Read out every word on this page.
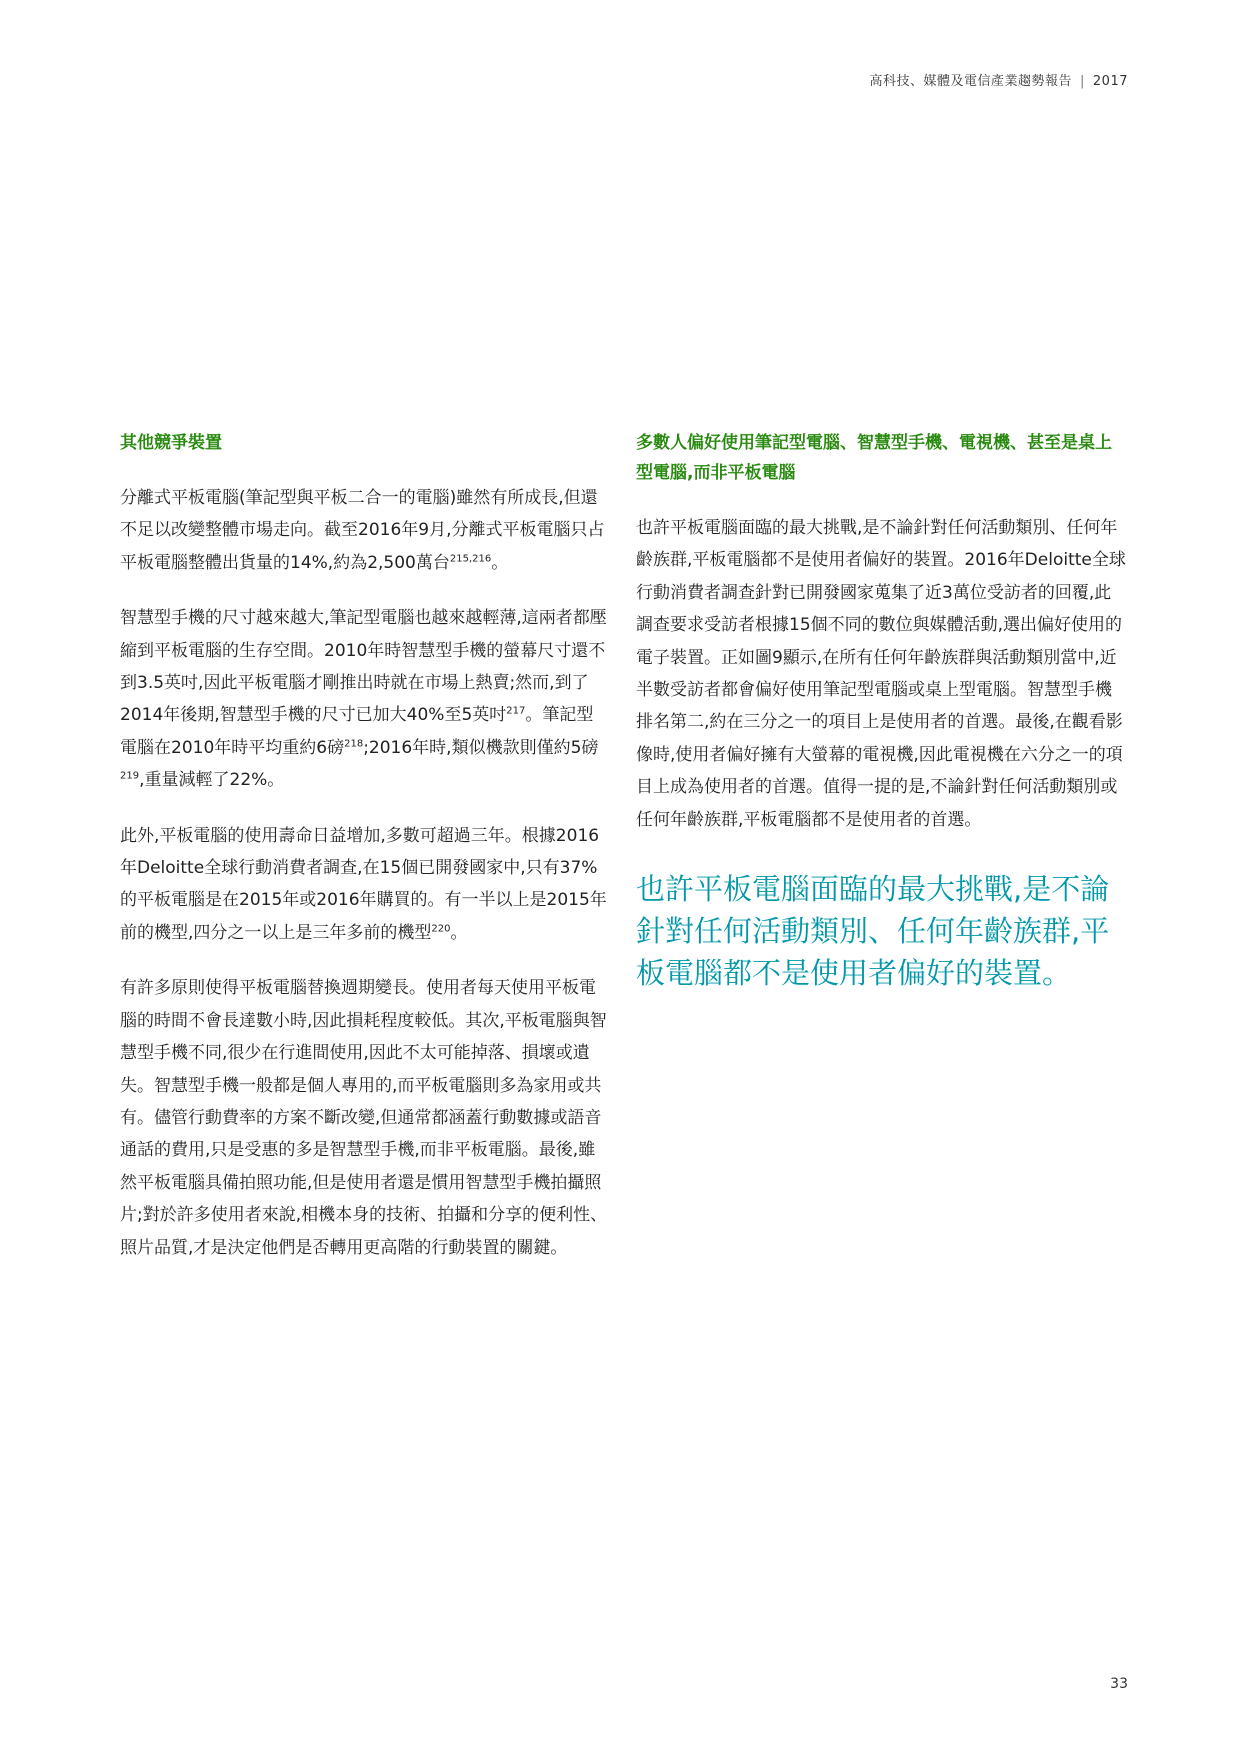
高科技、媒體及電信產業趨勢報告 | 2017
其他競爭裝置

分離式平板電腦(筆記型與平板二合一的電腦)雖然有所成長,但還不足以改變整體市場走向。截至2016年9月,分離式平板電腦只占平板電腦整體出貨量的14%,約為2,500萬台$^{215,216}$。

智慧型手機的尺寸越來越大,筆記型電腦也越來越輕薄,這兩者都壓縮到平板電腦的生存空間。2010年時智慧型手機的螢幕尺寸還不到3.5英吋,因此平板電腦才剛推出時就在市場上熱賣;然而,到了2014年後期,智慧型手機的尺寸已加大40%至5英吋$^{217}$。筆記型電腦在2010年時平均重約6磅$^{218}$;2016年時,類似機款則僅約5磅$^{219}$,重量減輕了22%。

此外,平板電腦的使用壽命日益增加,多數可超過三年。根據2016年Deloitte全球行動消費者調查,在15個已開發國家中,只有37%的平板電腦是在2015年或2016年購買的。有一半以上是2015年前的機型,四分之一以上是三年多前的機型$^{220}$。

有許多原則使得平板電腦替換週期變長。使用者每天使用平板電腦的時間不會長達數小時,因此損耗程度較低。其次,平板電腦與智慧型手機不同,很少在行進間使用,因此不太可能掉落、損壞或遺失。智慧型手機一般都是個人專用的,而平板電腦則多為家用或共有。儘管行動費率的方案不斷改變,但通常都涵蓋行動數據或語音通話的費用,只是受惠的多是智慧型手機,而非平板電腦。最後,雖然平板電腦具備拍照功能,但是使用者還是慣用智慧型手機拍攝照片;對於許多使用者來說,相機本身的技術、拍攝和分享的便利性、照片品質,才是決定他們是否轉用更高階的行動裝置的關鍵。

多數人偏好使用筆記型電腦、智慧型手機、電視機、甚至是桌上型電腦,而非平板電腦

也許平板電腦面臨的最大挑戰,是不論針對任何活動類別、任何年齡族群,平板電腦都不是使用者偏好的裝置。2016年Deloitte全球行動消費者調查針對已開發國家蒐集了近3萬位受訪者的回覆,此調查要求受訪者根據15個不同的數位與媒體活動,選出偏好使用的電子裝置。正如圖9顯示,在所有任何年齡族群與活動類別當中,近半數受訪者都會偏好使用筆記型電腦或桌上型電腦。智慧型手機排名第二,約在三分之一的項目上是使用者的首選。最後,在觀看影像時,使用者偏好擁有大螢幕的電視機,因此電視機在六分之一的項目上成為使用者的首選。值得一提的是,不論針對任何活動類別或任何年齡族群,平板電腦都不是使用者的首選。

也許平板電腦面臨的最大挑戰,是不論針對任何活動類別、任何年齡族群,平板電腦都不是使用者偏好的裝置。

33
